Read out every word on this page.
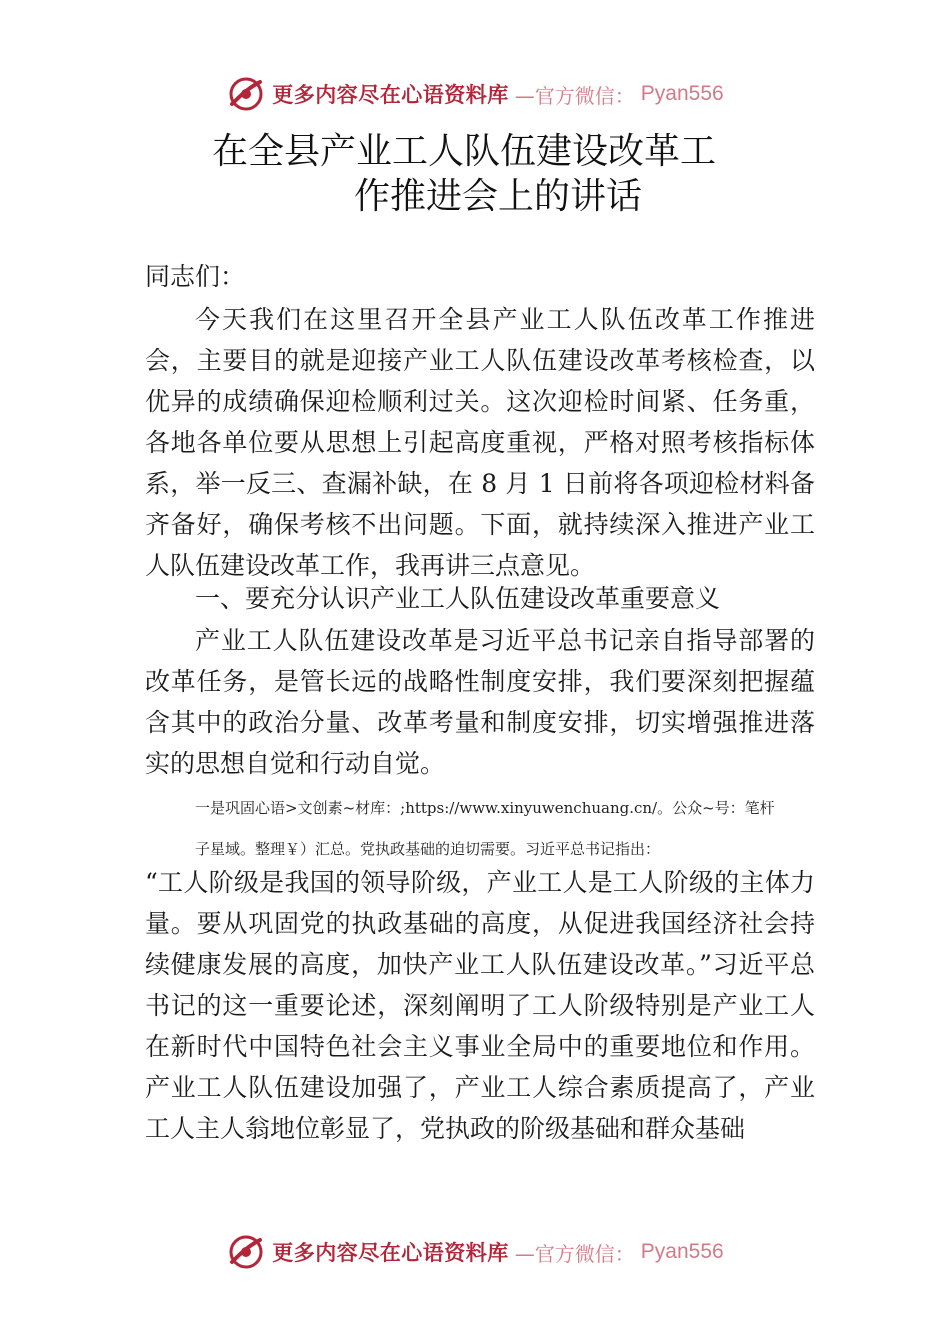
更多内容尽在心语资料库 —官方微信： Pyan556
在全县产业工人队伍建设改革工
作推进会上的讲话
同志们：
今天我们在这里召开全县产业工人队伍改革工作推进会，主要目的就是迎接产业工人队伍建设改革考核检查，以优异的成绩确保迎检顺利过关。这次迎检时间紧、任务重，各地各单位要从思想上引起高度重视，严格对照考核指标体系，举一反三、查漏补缺，在 8 月 1 日前将各项迎检材料备齐备好，确保考核不出问题。下面，就持续深入推进产业工人队伍建设改革工作，我再讲三点意见。
一、要充分认识产业工人队伍建设改革重要意义
产业工人队伍建设改革是习近平总书记亲自指导部署的改革任务，是管长远的战略性制度安排，我们要深刻把握蕴含其中的政治分量、改革考量和制度安排，切实增强推进落实的思想自觉和行动自觉。
一是巩固心语>文创素~材库：;https://www.xinyuwenchuang.cn/。公众~号：笔杆
子星域。整理￥）汇总。党执政基础的迫切需要。习近平总书记指出：
“工人阶级是我国的领导阶级，产业工人是工人阶级的主体力量。要从巩固党的执政基础的高度，从促进我国经济社会持续健康发展的高度，加快产业工人队伍建设改革。”习近平总书记的这一重要论述，深刻阐明了工人阶级特别是产业工人在新时代中国特色社会主义事业全局中的重要地位和作用。产业工人队伍建设加强了，产业工人综合素质提高了，产业工人主人翁地位彰显了，党执政的阶级基础和群众基础
更多内容尽在心语资料库 —官方微信： Pyan556
